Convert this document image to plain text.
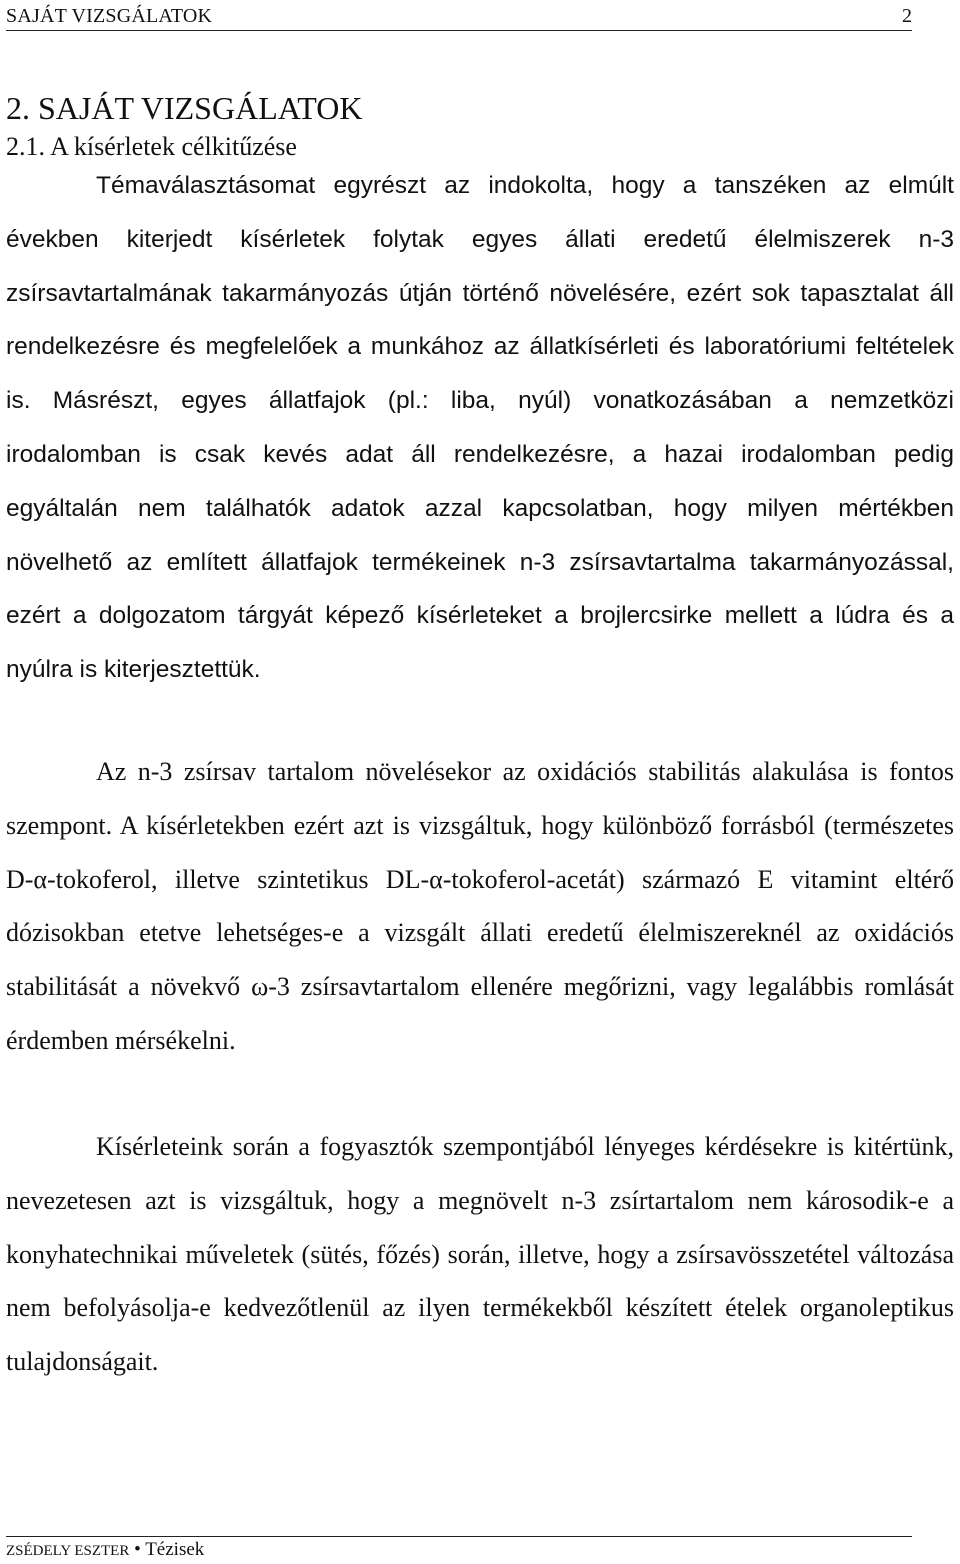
SAJÁT VIZSGÁLATOK	2
2. SAJÁT VIZSGÁLATOK
2.1. A kísérletek célkitűzése

Témaválasztásomat egyrészt az indokolta, hogy a tanszéken az elmúlt években kiterjedt kísérletek folytak egyes állati eredetű élelmiszerek n-3 zsírsavtartalmának takarmányozás útján történő növelésére, ezért sok tapasztalat áll rendelkezésre és megfelelőek a munkához az állatkísérleti és laboratóriumi feltételek is. Másrészt, egyes állatfajok (pl.: liba, nyúl) vonatkozásában a nemzetközi irodalomban is csak kevés adat áll rendelkezésre, a hazai irodalomban pedig egyáltalán nem találhatók adatok azzal kapcsolatban, hogy milyen mértékben növelhető az említett állatfajok termékeinek n-3 zsírsavtartalma takarmányozással, ezért a dolgozatom tárgyát képező kísérleteket a brojlercsirke mellett a lúdra és a nyúlra is kiterjesztettük.

Az n-3 zsírsav tartalom növelésekor az oxidációs stabilitás alakulása is fontos szempont. A kísérletekben ezért azt is vizsgáltuk, hogy különböző forrásból (természetes D-α-tokoferol, illetve szintetikus DL-α-tokoferol-acetát) származó E vitamint eltérő dózisokban etetve lehetséges-e a vizsgált állati eredetű élelmiszereknél az oxidációs stabilitását a növekvő ω-3 zsírsavtartalom ellenére megőrizni, vagy legalábbis romlását érdemben mérsékelni.

Kísérleteink során a fogyasztók szempontjából lényeges kérdésekre is kitértünk, nevezetesen azt is vizsgáltuk, hogy a megnövelt n-3 zsírtartalom nem károsodik-e a konyhatechnikai műveletek (sütés, főzés) során, illetve, hogy a zsírsavösszetétel változása nem befolyásolja-e kedvezőtlenül az ilyen termékekből készített ételek organoleptikus tulajdonságait.

ZSÉDELY ESZTER • Tézisek
